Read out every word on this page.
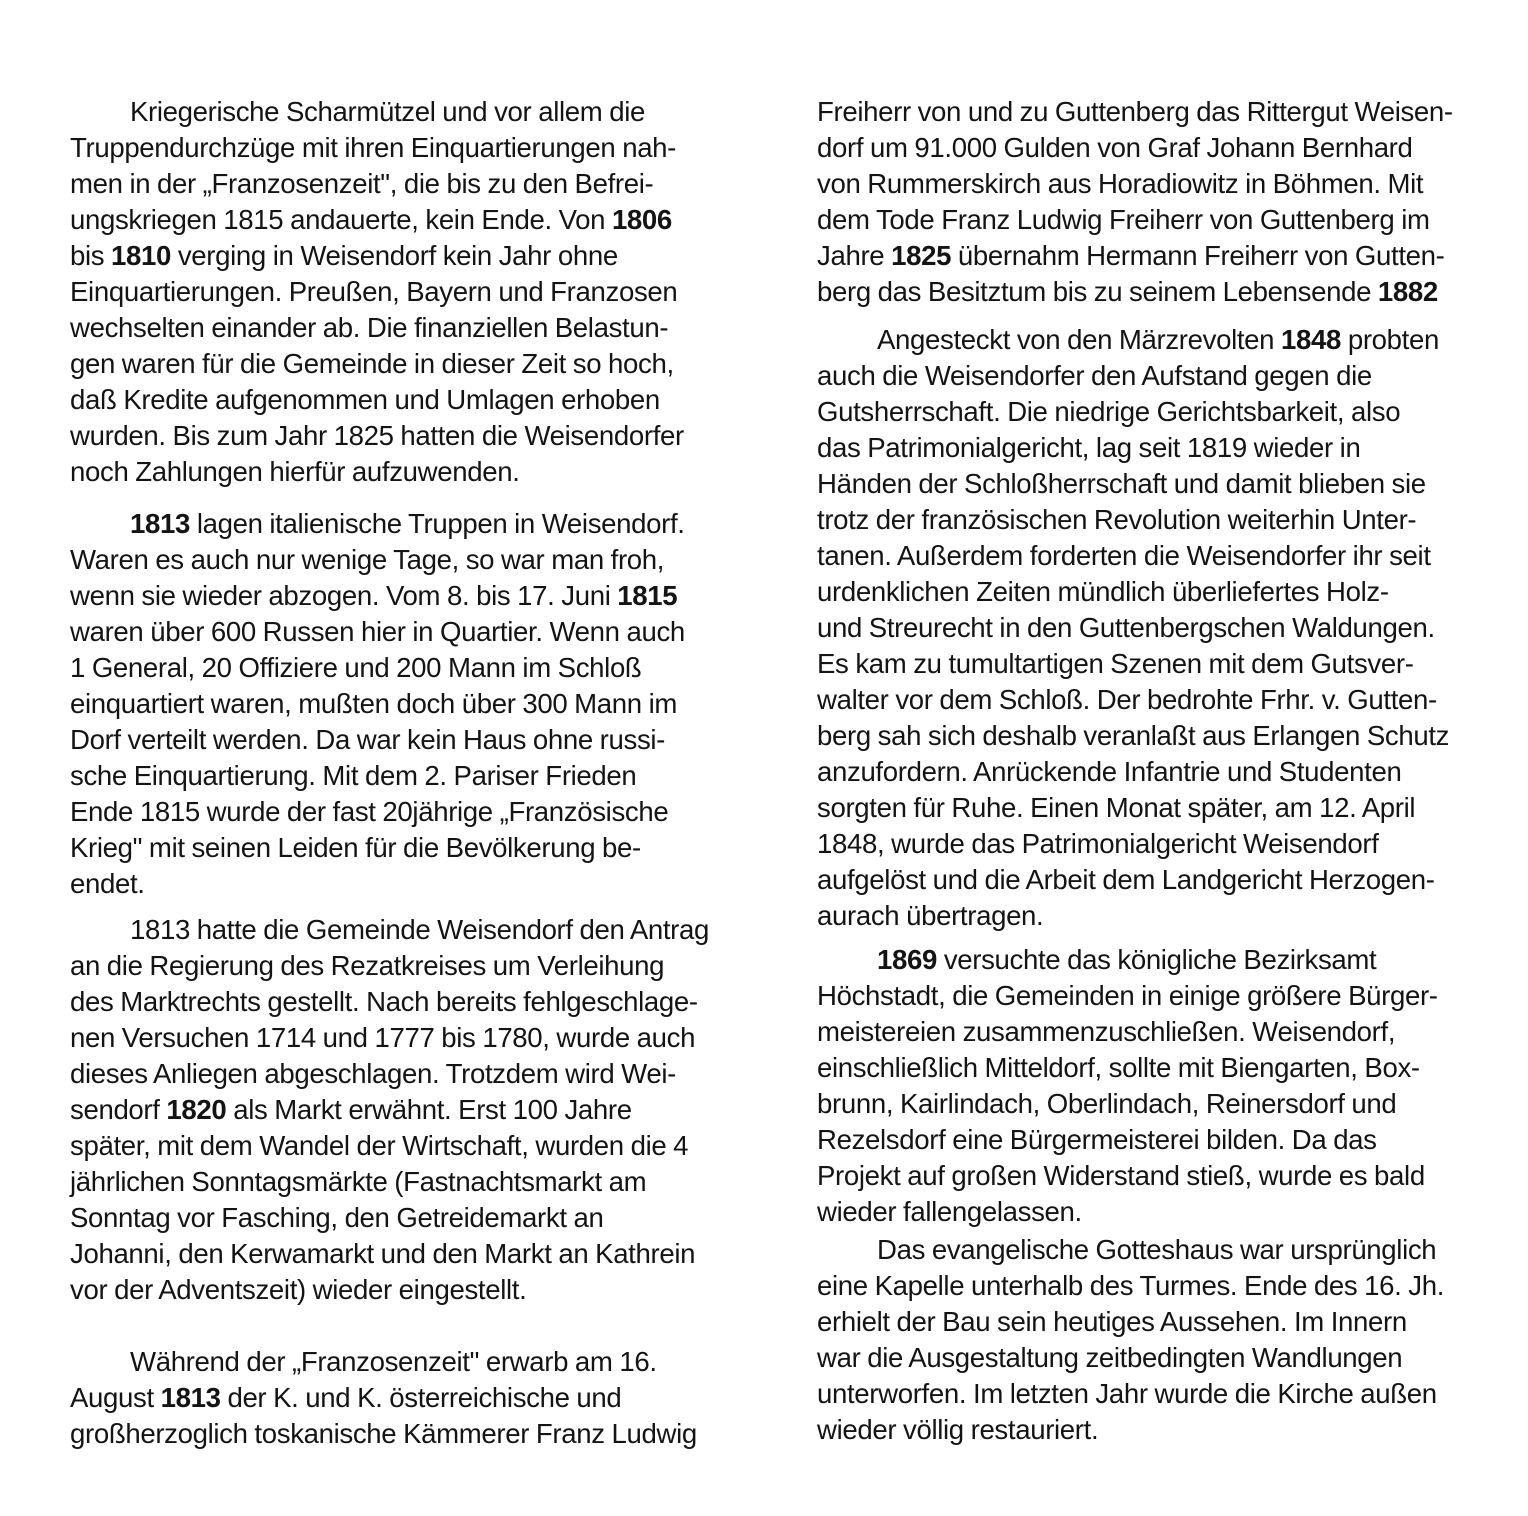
Kriegerische Scharmützel und vor allem die
Truppendurchzüge mit ihren Einquartierungen nah-
men in der „Franzosenzeit", die bis zu den Befrei-
ungskriegen 1815 andauerte, kein Ende. Von 1806
bis 1810 verging in Weisendorf kein Jahr ohne
Einquartierungen. Preußen, Bayern und Franzosen
wechselten einander ab. Die finanziellen Belastun-
gen waren für die Gemeinde in dieser Zeit so hoch,
daß Kredite aufgenommen und Umlagen erhoben
wurden. Bis zum Jahr 1825 hatten die Weisendorfer
noch Zahlungen hierfür aufzuwenden.
1813 lagen italienische Truppen in Weisendorf.
Waren es auch nur wenige Tage, so war man froh,
wenn sie wieder abzogen. Vom 8. bis 17. Juni 1815
waren über 600 Russen hier in Quartier. Wenn auch
1 General, 20 Offiziere und 200 Mann im Schloß
einquartiert waren, mußten doch über 300 Mann im
Dorf verteilt werden. Da war kein Haus ohne russi-
sche Einquartierung. Mit dem 2. Pariser Frieden
Ende 1815 wurde der fast 20jährige „Französische
Krieg" mit seinen Leiden für die Bevölkerung be-
endet.
1813 hatte die Gemeinde Weisendorf den Antrag
an die Regierung des Rezatkreises um Verleihung
des Marktrechts gestellt. Nach bereits fehlgeschlage-
nen Versuchen 1714 und 1777 bis 1780, wurde auch
dieses Anliegen abgeschlagen. Trotzdem wird Wei-
sendorf 1820 als Markt erwähnt. Erst 100 Jahre
später, mit dem Wandel der Wirtschaft, wurden die 4
jährlichen Sonntagsmärkte (Fastnachtsmarkt am
Sonntag vor Fasching, den Getreidemarkt an
Johanni, den Kerwamarkt und den Markt an Kathrein
vor der Adventszeit) wieder eingestellt.
Während der „Franzosenzeit" erwarb am 16.
August 1813 der K. und K. österreichische und
großherzoglich toskanische Kämmerer Franz Ludwig
Freiherr von und zu Guttenberg das Rittergut Weisen-
dorf um 91.000 Gulden von Graf Johann Bernhard
von Rummerskirch aus Horadiowitz in Böhmen. Mit
dem Tode Franz Ludwig Freiherr von Guttenberg im
Jahre 1825 übernahm Hermann Freiherr von Gutten-
berg das Besitztum bis zu seinem Lebensende 1882
Angesteckt von den Märzrevolten 1848 probten
auch die Weisendorfer den Aufstand gegen die
Gutsherrschaft. Die niedrige Gerichtsbarkeit, also
das Patrimonialgericht, lag seit 1819 wieder in
Händen der Schloßherrschaft und damit blieben sie
trotz der französischen Revolution weiterhin Unter-
tanen. Außerdem forderten die Weisendorfer ihr seit
urdenklichen Zeiten mündlich überliefertes Holz-
und Streurecht in den Guttenbergschen Waldungen.
Es kam zu tumultartigen Szenen mit dem Gutsver-
walter vor dem Schloß. Der bedrohte Frhr. v. Gutten-
berg sah sich deshalb veranlaßt aus Erlangen Schutz
anzufordern. Anrückende Infantrie und Studenten
sorgten für Ruhe. Einen Monat später, am 12. April
1848, wurde das Patrimonialgericht Weisendorf
aufgelöst und die Arbeit dem Landgericht Herzogen-
aurach übertragen.
1869 versuchte das königliche Bezirksamt
Höchstadt, die Gemeinden in einige größere Bürger-
meistereien zusammenzuschließen. Weisendorf,
einschließlich Mitteldorf, sollte mit Biengarten, Box-
brunn, Kairlindach, Oberlindach, Reinersdorf und
Rezelsdorf eine Bürgermeisterei bilden. Da das
Projekt auf großen Widerstand stieß, wurde es bald
wieder fallengelassen.
Das evangelische Gotteshaus war ursprünglich
eine Kapelle unterhalb des Turmes. Ende des 16. Jh.
erhielt der Bau sein heutiges Aussehen. Im Innern
war die Ausgestaltung zeitbedingten Wandlungen
unterworfen. Im letzten Jahr wurde die Kirche außen
wieder völlig restauriert.
